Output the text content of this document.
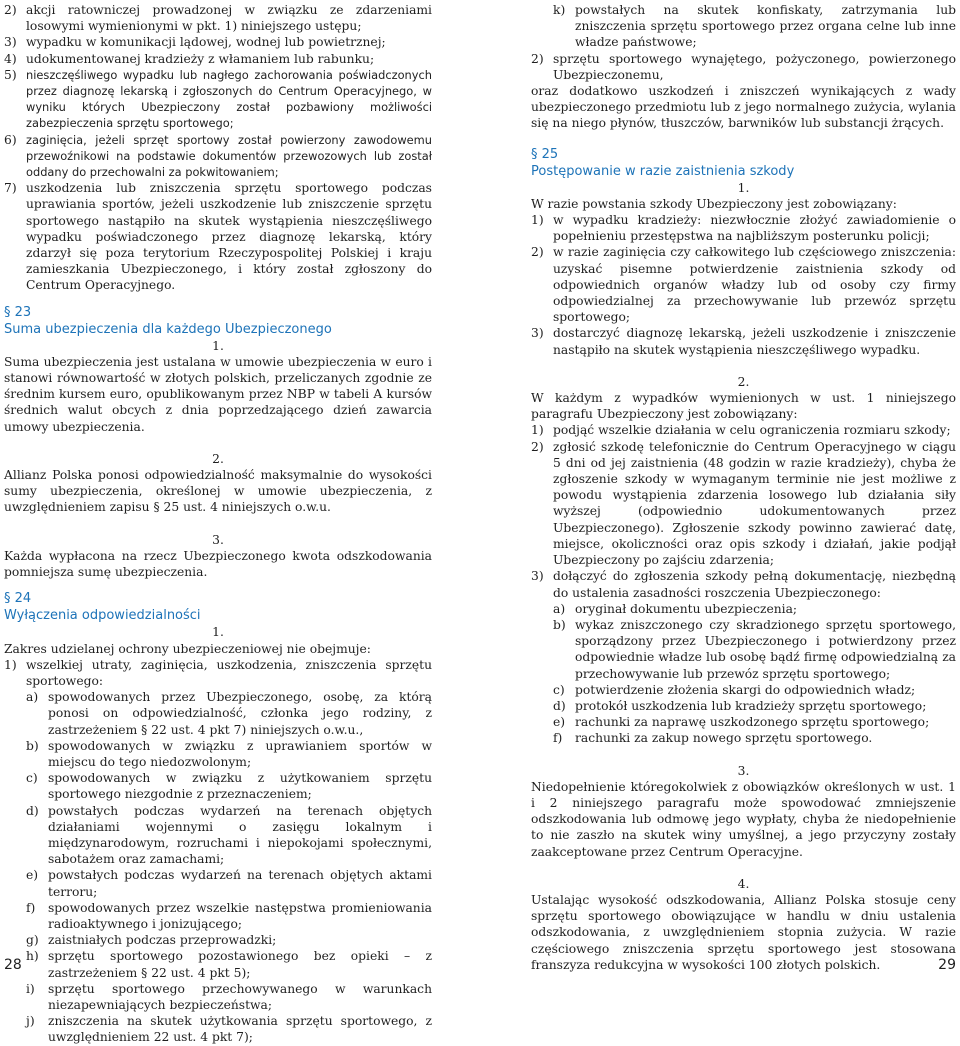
2) akcji ratowniczej prowadzonej w związku ze zdarzeniami losowymi wymienionymi w pkt. 1) niniejszego ustępu;
3) wypadku w komunikacji lądowej, wodnej lub powietrznej;
4) udokumentowanej kradzieży z włamaniem lub rabunku;
5) nieszczęśliwego wypadku lub nagłego zachorowania poświadczonych przez diagnozę lekarską i zgłoszonych do Centrum Operacyjnego, w wyniku których Ubezpieczony został pozbawiony możliwości zabezpieczenia sprzętu sportowego;
6) zaginięcia, jeżeli sprzęt sportowy został powierzony zawodowemu przewoźnikowi na podstawie dokumentów przewozowych lub został oddany do przechowalni za pokwitowaniem;
7) uszkodzenia lub zniszczenia sprzętu sportowego podczas uprawiania sportów, jeżeli uszkodzenie lub zniszczenie sprzętu sportowego nastąpiło na skutek wystąpienia nieszczęśliwego wypadku poświadczonego przez diagnozę lekarską, który zdarzył się poza terytorium Rzeczypospolitej Polskiej i kraju zamieszkania Ubezpieczonego, i który został zgłoszony do Centrum Operacyjnego.
§ 23
Suma ubezpieczenia dla każdego Ubezpieczonego
1.

Suma ubezpieczenia jest ustalana w umowie ubezpieczenia w euro i stanowi równowartość w złotych polskich, przeliczanych zgodnie ze średnim kursem euro, opublikowanym przez NBP w tabeli A kursów średnich walut obcych z dnia poprzedzającego dzień zawarcia umowy ubezpieczenia.

2.

Allianz Polska ponosi odpowiedzialność maksymalnie do wysokości sumy ubezpieczenia, określonej w umowie ubezpieczenia, z uwzględnieniem zapisu § 25 ust. 4 niniejszych o.w.u.

3.

Każda wypłacona na rzecz Ubezpieczonego kwota odszkodowania pomniejsza sumę ubezpieczenia.

§ 24
Wyłączenia odpowiedzialności
1.

Zakres udzielanej ochrony ubezpieczeniowej nie obejmuje:

1) wszelkiej utraty, zaginięcia, uszkodzenia, zniszczenia sprzętu sportowego:
a) spowodowanych przez Ubezpieczonego, osobę, za którą ponosi on odpowiedzialność, członka jego rodziny, z zastrzeżeniem § 22 ust. 4 pkt 7) niniejszych o.w.u.,
b) spowodowanych w związku z uprawianiem sportów w miejscu do tego niedozwolonym;
c) spowodowanych w związku z użytkowaniem sprzętu sportowego niezgodnie z przeznaczeniem;
d) powstałych podczas wydarzeń na terenach objętych działaniami wojennymi o zasięgu lokalnym i międzynarodowym, rozruchami i niepokojami społecznymi, sabotażem oraz zamachami;
e) powstałych podczas wydarzeń na terenach objętych aktami terroru;
f)	spowodowanych przez wszelkie następstwa promieniowania radioaktywnego i jonizującego;
g) zaistniałych podczas przeprowadzki;
h) sprzętu sportowego pozostawionego bez opieki – z zastrzeżeniem § 22 ust. 4 pkt 5);
i)	sprzętu sportowego przechowywanego w warunkach niezapewniających bezpieczeństwa;
j)	zniszczenia na skutek użytkowania sprzętu sportowego, z uwzględnieniem 22 ust. 4 pkt 7);
k) powstałych na skutek konfiskaty, zatrzymania lub zniszczenia sprzętu sportowego przez organa celne lub inne władze państwowe;
2) sprzętu sportowego wynajętego, pożyczonego, powierzonego Ubezpieczonemu,

oraz dodatkowo uszkodzeń i zniszczeń wynikających z wady ubezpieczonego przedmiotu lub z jego normalnego zużycia, wylania się na niego płynów, tłuszczów, barwników lub substancji żrących.

§ 25
Postępowanie w razie zaistnienia szkody
1.

W razie powstania szkody Ubezpieczony jest zobowiązany:

1) w wypadku kradzieży: niezwłocznie złożyć zawiadomienie o popełnieniu przestępstwa na najbliższym posterunku policji;
2) w razie zaginięcia czy całkowitego lub częściowego zniszczenia: uzyskać pisemne potwierdzenie zaistnienia szkody od odpowiednich organów władzy lub od osoby czy firmy odpowiedzialnej za przechowywanie lub przewóz sprzętu sportowego;
3) dostarczyć diagnozę lekarską, jeżeli uszkodzenie i zniszczenie nastąpiło na skutek wystąpienia nieszczęśliwego wypadku.
2.

W każdym z wypadków wymienionych w ust. 1 niniejszego paragrafu Ubezpieczony jest zobowiązany:

1) podjąć wszelkie działania w celu ograniczenia rozmiaru szkody;
2) zgłosić szkodę telefonicznie do Centrum Operacyjnego w ciągu 5 dni od jej zaistnienia (48 godzin w razie kradzieży), chyba że zgłoszenie szkody w wymaganym terminie nie jest możliwe z powodu wystąpienia zdarzenia losowego lub działania siły wyższej (odpowiednio udokumentowanych przez Ubezpieczonego). Zgłoszenie szkody powinno zawierać datę, miejsce, okoliczności oraz opis szkody i działań, jakie podjął Ubezpieczony po zajściu zdarzenia;
3) dołączyć do zgłoszenia szkody pełną dokumentację, niezbędną do ustalenia zasadności roszczenia Ubezpieczonego:
a) oryginał dokumentu ubezpieczenia;
b) wykaz zniszczonego czy skradzionego sprzętu sportowego, sporządzony przez Ubezpieczonego i potwierdzony przez odpowiednie władze lub osobę bądź firmę odpowiedzialną za przechowywanie lub przewóz sprzętu sportowego;
c) potwierdzenie złożenia skargi do odpowiednich władz;
d) protokół uszkodzenia lub kradzieży sprzętu sportowego;
e) rachunki za naprawę uszkodzonego sprzętu sportowego;
f)	rachunki za zakup nowego sprzętu sportowego.
3.

Niedopełnienie któregokolwiek z obowiązków określonych w ust. 1 i 2 niniejszego paragrafu może spowodować zmniejszenie odszkodowania lub odmowę jego wypłaty, chyba że niedopełnienie to nie zaszło na skutek winy umyślnej, a jego przyczyny zostały zaakceptowane przez Centrum Operacyjne.

4.

Ustalając wysokość odszkodowania, Allianz Polska stosuje ceny sprzętu sportowego obowiązujące w handlu w dniu ustalenia odszkodowania, z uwzględnieniem stopnia zużycia. W razie częściowego zniszczenia sprzętu sportowego jest stosowana franszyza redukcyjna w wysokości 100 złotych polskich.

28	29
